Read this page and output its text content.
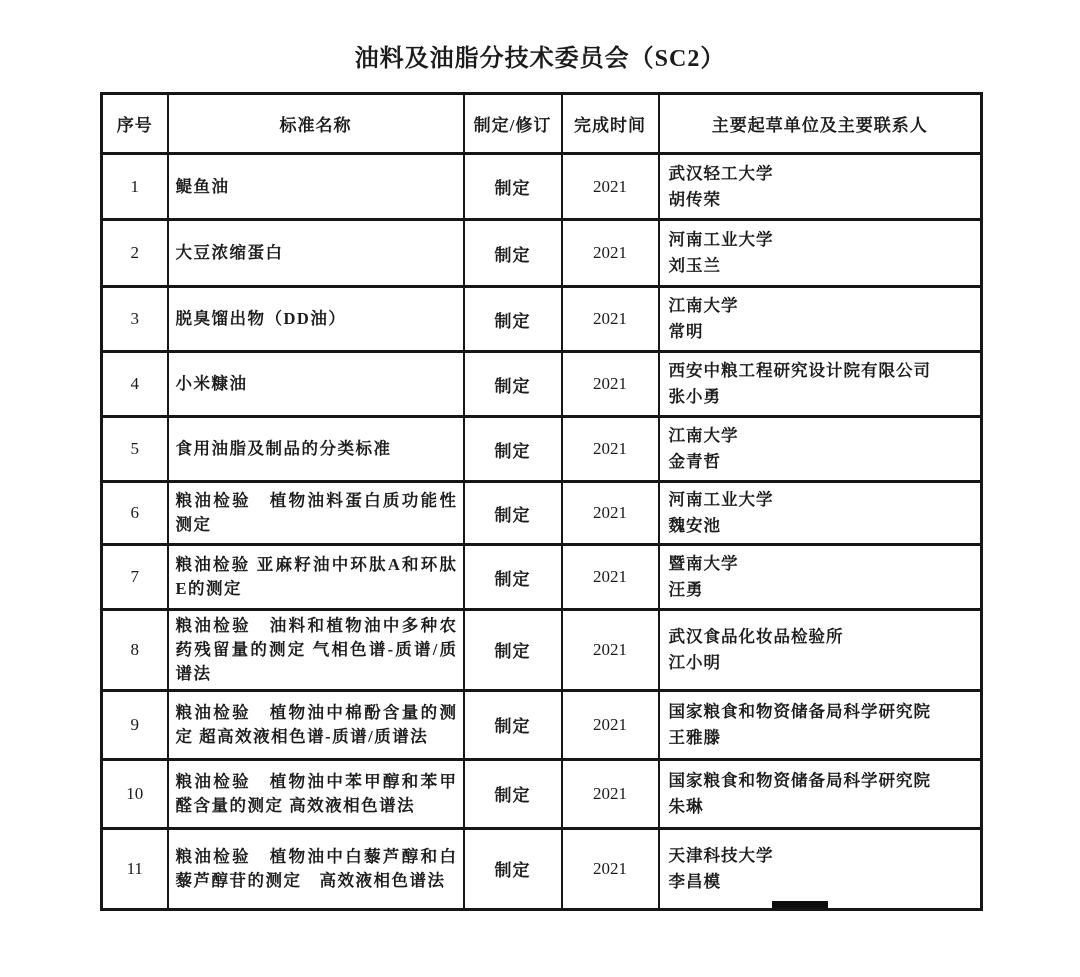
油料及油脂分技术委员会（SC2）
序号	标准名称	制定/修订	完成时间	主要起草单位及主要联系人
1	鳀鱼油	制定	2021	武汉轻工大学
胡传荣

2	大豆浓缩蛋白	制定	2021	河南工业大学
刘玉兰

3	脱臭馏出物（DD油）	制定	2021	江南大学
常明

4	小米糠油	制定	2021	西安中粮工程研究设计院有限公司
张小勇

5	食用油脂及制品的分类标准	制定	2021	江南大学
金青哲

6	粮油检验　植物油料蛋白质功能性测定	制定	2021	河南工业大学
魏安池

7	粮油检验 亚麻籽油中环肽A和环肽E的测定	制定	2021	暨南大学
汪勇

8	粮油检验　油料和植物油中多种农药残留量的测定 气相色谱-质谱/质谱法	制定	2021	武汉食品化妆品检验所
江小明

9	粮油检验　植物油中棉酚含量的测定 超高效液相色谱-质谱/质谱法	制定	2021	国家粮食和物资储备局科学研究院
王雅滕

10	粮油检验　植物油中苯甲醇和苯甲醛含量的测定 高效液相色谱法	制定	2021	国家粮食和物资储备局科学研究院
朱琳

11	粮油检验　植物油中白藜芦醇和白藜芦醇苷的测定　高效液相色谱法	制定	2021	天津科技大学
李昌模
